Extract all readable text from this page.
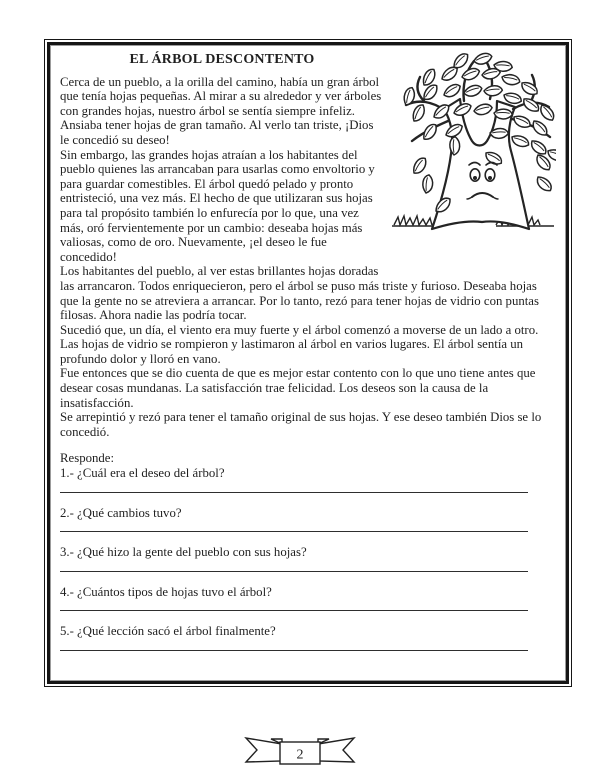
EL ÁRBOL DESCONTENTO

Cerca de un pueblo, a la orilla del camino, había un gran árbol que tenía hojas pequeñas. Al mirar a su alrededor y ver árboles con grandes hojas, nuestro árbol se sentía siempre infeliz. Ansiaba tener hojas de gran tamaño. Al verlo tan triste, ¡Dios le concedió su deseo!

Sin embargo, las grandes hojas atraían a los habitantes del pueblo quienes las arrancaban para usarlas como envoltorio y para guardar comestibles. El árbol quedó pelado y pronto entristeció, una vez más. El hecho de que utilizaran sus hojas para tal propósito también lo enfurecía por lo que, una vez más, oró fervientemente por un cambio: deseaba hojas más valiosas, como de oro. Nuevamente, ¡el deseo le fue concedido!

Los habitantes del pueblo, al ver estas brillantes hojas doradas las arrancaron. Todos enriquecieron, pero el árbol se puso más triste y furioso. Deseaba hojas que la gente no se atreviera a arrancar. Por lo tanto, rezó para tener hojas de vidrio con puntas filosas. Ahora nadie las podría tocar.

Sucedió que, un día, el viento era muy fuerte y el árbol comenzó a moverse de un lado a otro. Las hojas de vidrio se rompieron y lastimaron al árbol en varios lugares. El árbol sentía un profundo dolor y lloró en vano.

Fue entonces que se dio cuenta de que es mejor estar contento con lo que uno tiene antes que desear cosas mundanas. La satisfacción trae felicidad. Los deseos son la causa de la insatisfacción.

Se arrepintió y rezó para tener el tamaño original de sus hojas. Y ese deseo también Dios se lo concedió.

Responde:
1.- ¿Cuál era el deseo del árbol?
2.- ¿Qué cambios tuvo?
3.- ¿Qué hizo la gente del pueblo con sus hojas?
4.- ¿Cuántos tipos de hojas tuvo el árbol?
5.- ¿Qué lección sacó el árbol finalmente?
2
